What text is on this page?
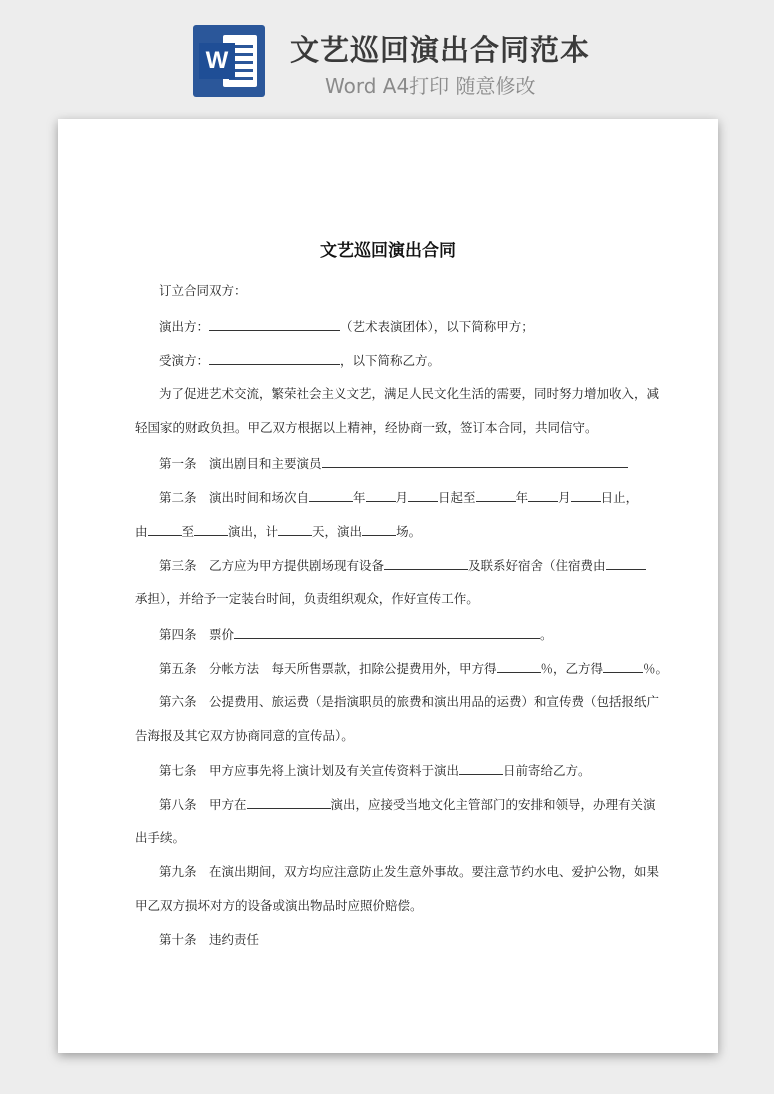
W 文艺巡回演出合同范本
Word A4打印 随意修改
文艺巡回演出合同
订立合同双方：
演出方：	（艺术表演团体），以下简称甲方；
受演方：	，以下简称乙方。
为了促进艺术交流，繁荣社会主义文艺，满足人民文化生活的需要，同时努力增加收入，减
轻国家的财政负担。甲乙双方根据以上精神，经协商一致，签订本合同，共同信守。
第一条　演出剧目和主要演员
第二条　演出时间和场次自	年 月 日起至	年 月 日止，
由	至	演出，计	天，演出	场。
第三条　乙方应为甲方提供剧场现有设备	及联系好宿舍（住宿费由
承担），并给予一定装台时间，负责组织观众，作好宣传工作。
第四条　票价	。
第五条　分帐方法　每天所售票款，扣除公提费用外，甲方得	％，乙方得	％。
第六条　公提费用、旅运费（是指演职员的旅费和演出用品的运费）和宣传费（包括报纸广
告海报及其它双方协商同意的宣传品）。
第七条　甲方应事先将上演计划及有关宣传资料于演出	日前寄给乙方。
第八条　甲方在	演出，应接受当地文化主管部门的安排和领导，办理有关演
出手续。
第九条　在演出期间，双方均应注意防止发生意外事故。要注意节约水电、爱护公物，如果
甲乙双方损坏对方的设备或演出物品时应照价赔偿。
第十条　违约责任
